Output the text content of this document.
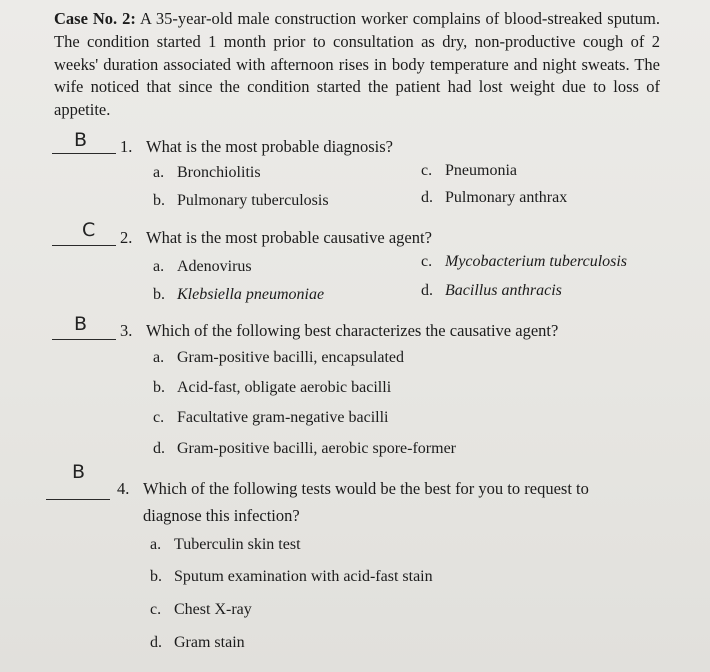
Case No. 2: A 35-year-old male construction worker complains of blood-streaked sputum. The condition started 1 month prior to consultation as dry, non-productive cough of 2 weeks' duration associated with afternoon rises in body temperature and night sweats. The wife noticed that since the condition started the patient had lost weight due to loss of appetite.
B 1. What is the most probable diagnosis?
a. Bronchiolitis
b. Pulmonary tuberculosis
c. Pneumonia
d. Pulmonary anthrax
C 2. What is the most probable causative agent?
a. Adenovirus
b. Klebsiella pneumoniae
c. Mycobacterium tuberculosis
d. Bacillus anthracis
B 3. Which of the following best characterizes the causative agent?
a. Gram-positive bacilli, encapsulated
b. Acid-fast, obligate aerobic bacilli
c. Facultative gram-negative bacilli
d. Gram-positive bacilli, aerobic spore-former
B
4. Which of the following tests would be the best for you to request to
diagnose this infection?
a. Tuberculin skin test
b. Sputum examination with acid-fast stain
c. Chest X-ray
d. Gram stain
